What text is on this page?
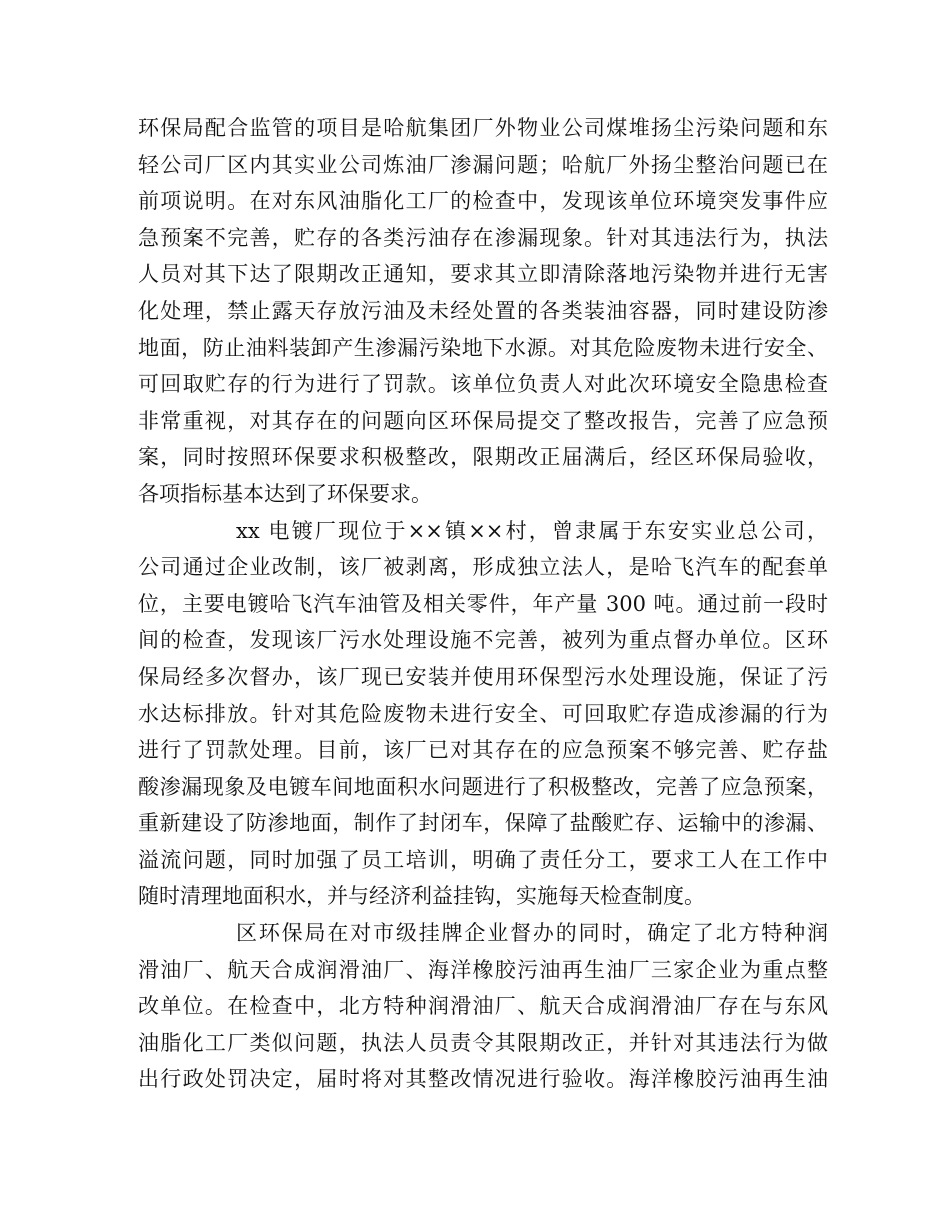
环保局配合监管的项目是哈航集团厂外物业公司煤堆扬尘污染问题和东
轻公司厂区内其实业公司炼油厂渗漏问题；哈航厂外扬尘整治问题已在
前项说明。在对东风油脂化工厂的检查中，发现该单位环境突发事件应
急预案不完善，贮存的各类污油存在渗漏现象。针对其违法行为，执法
人员对其下达了限期改正通知，要求其立即清除落地污染物并进行无害
化处理，禁止露天存放污油及未经处置的各类装油容器，同时建设防渗
地面，防止油料装卸产生渗漏污染地下水源。对其危险废物未进行安全、
可回取贮存的行为进行了罚款。该单位负责人对此次环境安全隐患检查
非常重视，对其存在的问题向区环保局提交了整改报告，完善了应急预
案，同时按照环保要求积极整改，限期改正届满后，经区环保局验收，
各项指标基本达到了环保要求。
xx 电镀厂现位于××镇××村，曾隶属于东安实业总公司，
公司通过企业改制，该厂被剥离，形成独立法人，是哈飞汽车的配套单
位，主要电镀哈飞汽车油管及相关零件，年产量 300 吨。通过前一段时
间的检查，发现该厂污水处理设施不完善，被列为重点督办单位。区环
保局经多次督办，该厂现已安装并使用环保型污水处理设施，保证了污
水达标排放。针对其危险废物未进行安全、可回取贮存造成渗漏的行为
进行了罚款处理。目前，该厂已对其存在的应急预案不够完善、贮存盐
酸渗漏现象及电镀车间地面积水问题进行了积极整改，完善了应急预案，
重新建设了防渗地面，制作了封闭车，保障了盐酸贮存、运输中的渗漏、
溢流问题，同时加强了员工培训，明确了责任分工，要求工人在工作中
随时清理地面积水，并与经济利益挂钩，实施每天检查制度。
区环保局在对市级挂牌企业督办的同时，确定了北方特种润
滑油厂、航天合成润滑油厂、海洋橡胶污油再生油厂三家企业为重点整
改单位。在检查中，北方特种润滑油厂、航天合成润滑油厂存在与东风
油脂化工厂类似问题，执法人员责令其限期改正，并针对其违法行为做
出行政处罚决定，届时将对其整改情况进行验收。海洋橡胶污油再生油
